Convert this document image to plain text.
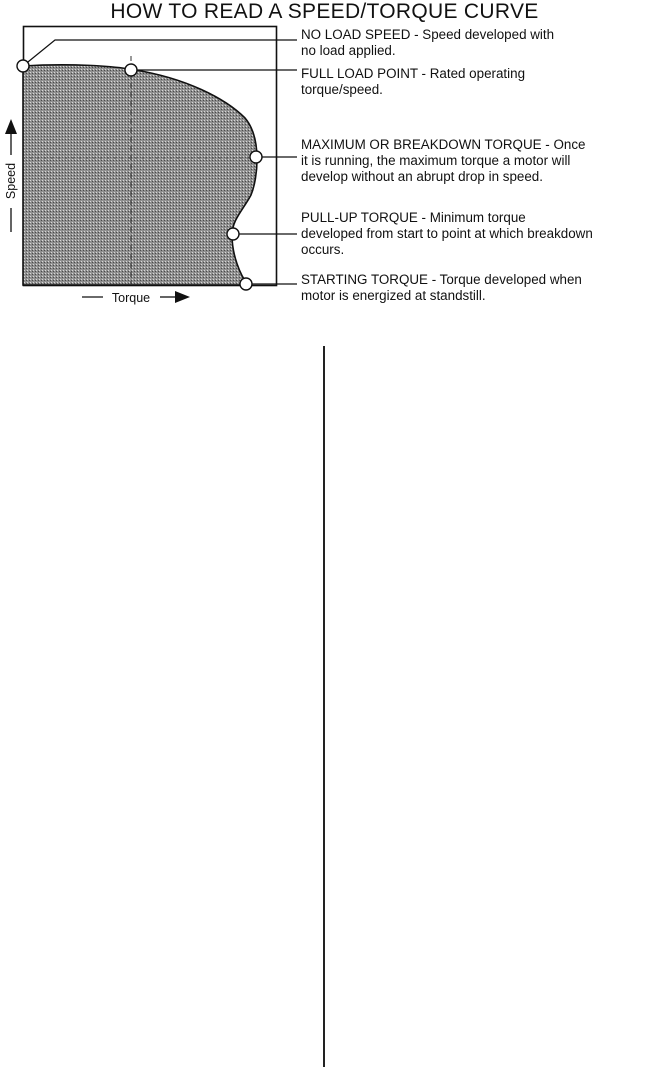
HOW TO READ A SPEED/TORQUE CURVE
Speed
Torque
NO LOAD SPEED - Speed developed with
no load applied.
FULL LOAD POINT - Rated operating
torque/speed.
MAXIMUM OR BREAKDOWN TORQUE - Once
it is running, the maximum torque a motor will
develop without an abrupt drop in speed.
PULL-UP TORQUE - Minimum torque
developed from start to point at which breakdown
occurs.
STARTING TORQUE - Torque developed when
motor is energized at standstill.
